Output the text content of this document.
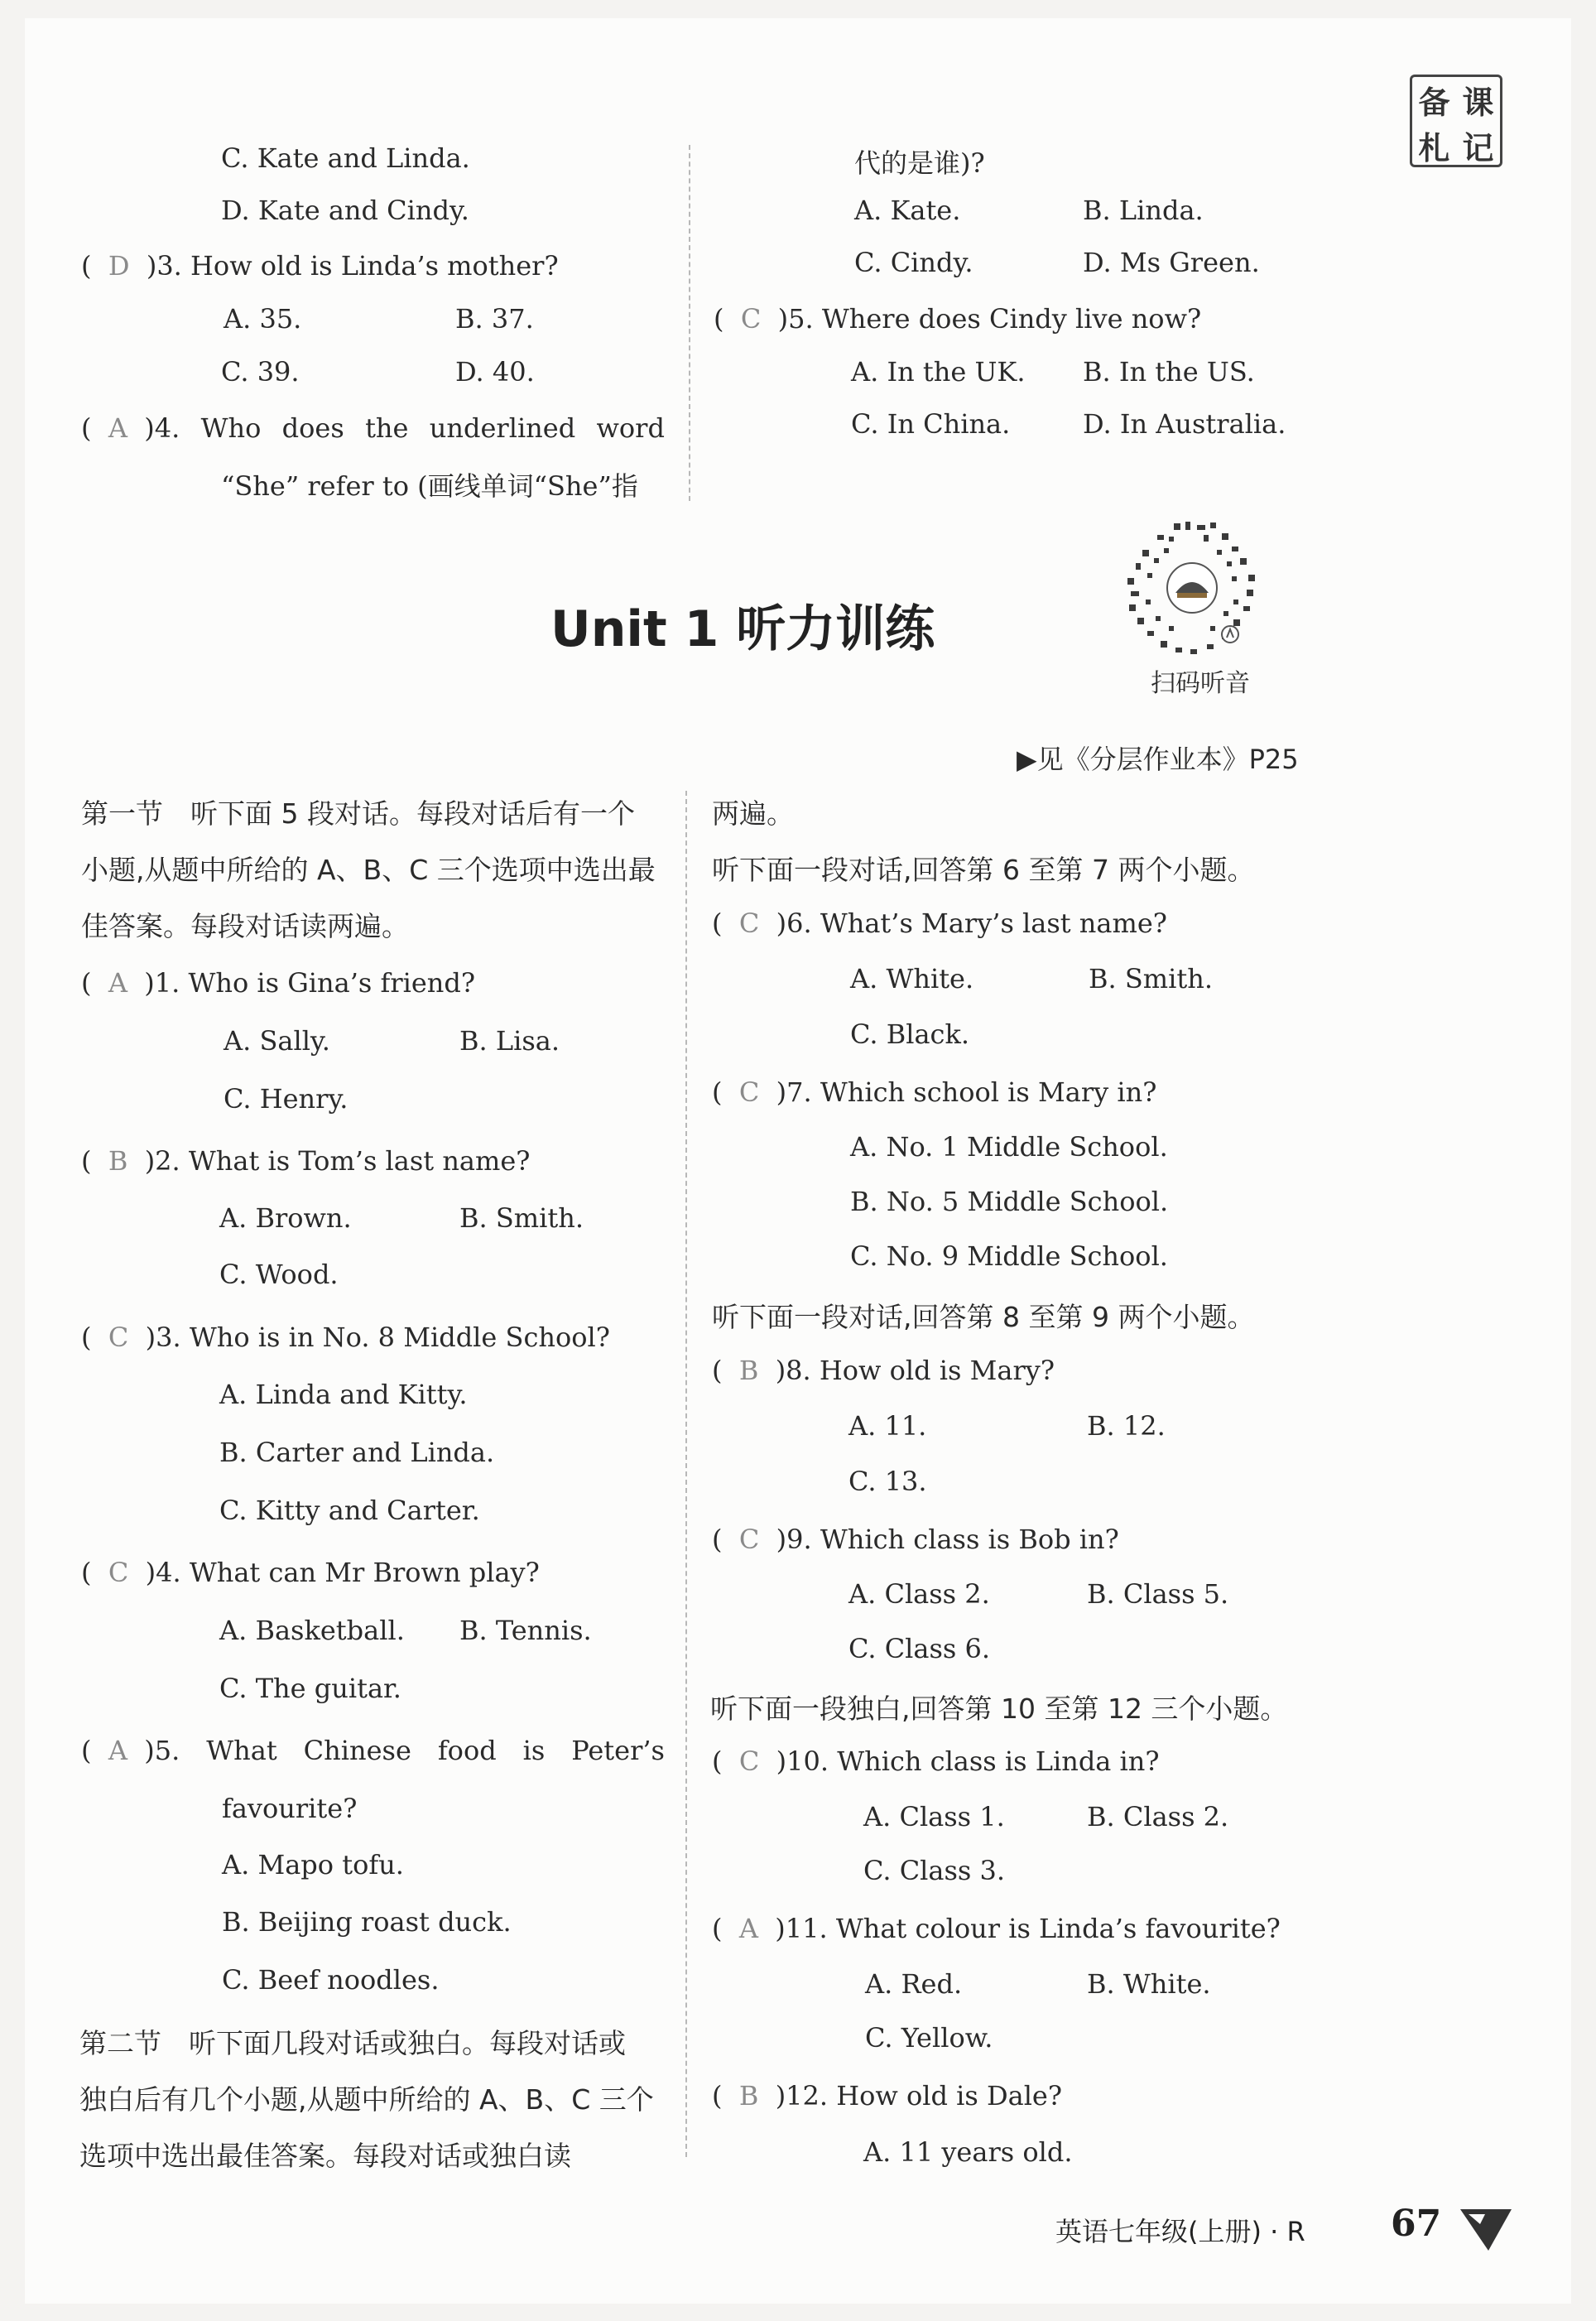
备 课
札 记
C. Kate and Linda.
D. Kate and Cindy.
(  D )3. How old is Linda’s mother?
A. 35.	B. 37.
C. 39.	D. 40.
(  A )4. Who does the underlined word
“She” refer to (画线单词“She”指
代的是谁)?
A. Kate.	B. Linda.
C. Cindy.	D. Ms Green.
(  C )5. Where does Cindy live now?
A. In the UK. B. In the US.
C. In China.	D. In Australia.
Unit 1 听力训练
扫码听音
▶见《分层作业本》P25
第一节　听下面 5 段对话。每段对话后有一个
小题,从题中所给的 A、B、C 三个选项中选出最
佳答案。每段对话读两遍。
(  A )1. Who is Gina’s friend?
A. Sally.	B. Lisa.
C. Henry.
(  B )2. What is Tom’s last name?
A. Brown.	B. Smith.
C. Wood.
(  C )3. Who is in No. 8 Middle School?
A. Linda and Kitty.
B. Carter and Linda.
C. Kitty and Carter.
(  C )4. What can Mr Brown play?
A. Basketball. B. Tennis.
C. The guitar.
(  A )5. What Chinese food is Peter’s
favourite?
A. Mapo tofu.
B. Beijing roast duck.
C. Beef noodles.
第二节　听下面几段对话或独白。每段对话或
独白后有几个小题,从题中所给的 A、B、C 三个
选项中选出最佳答案。每段对话或独白读
两遍。
听下面一段对话,回答第 6 至第 7 两个小题。
(  C )6. What’s Mary’s last name?
A. White.	B. Smith.
C. Black.
(  C )7. Which school is Mary in?
A. No. 1 Middle School.
B. No. 5 Middle School.
C. No. 9 Middle School.
听下面一段对话,回答第 8 至第 9 两个小题。
(  B )8. How old is Mary?
A. 11.	B. 12.
C. 13.
(  C )9. Which class is Bob in?
A. Class 2.	B. Class 5.
C. Class 6.
听下面一段独白,回答第 10 至第 12 三个小题。
(  C )10. Which class is Linda in?
A. Class 1.	B. Class 2.
C. Class 3.
(  A )11. What colour is Linda’s favourite?
A. Red.	B. White.
C. Yellow.
(  B )12. How old is Dale?
A. 11 years old.
英语七年级(上册) · R 67
